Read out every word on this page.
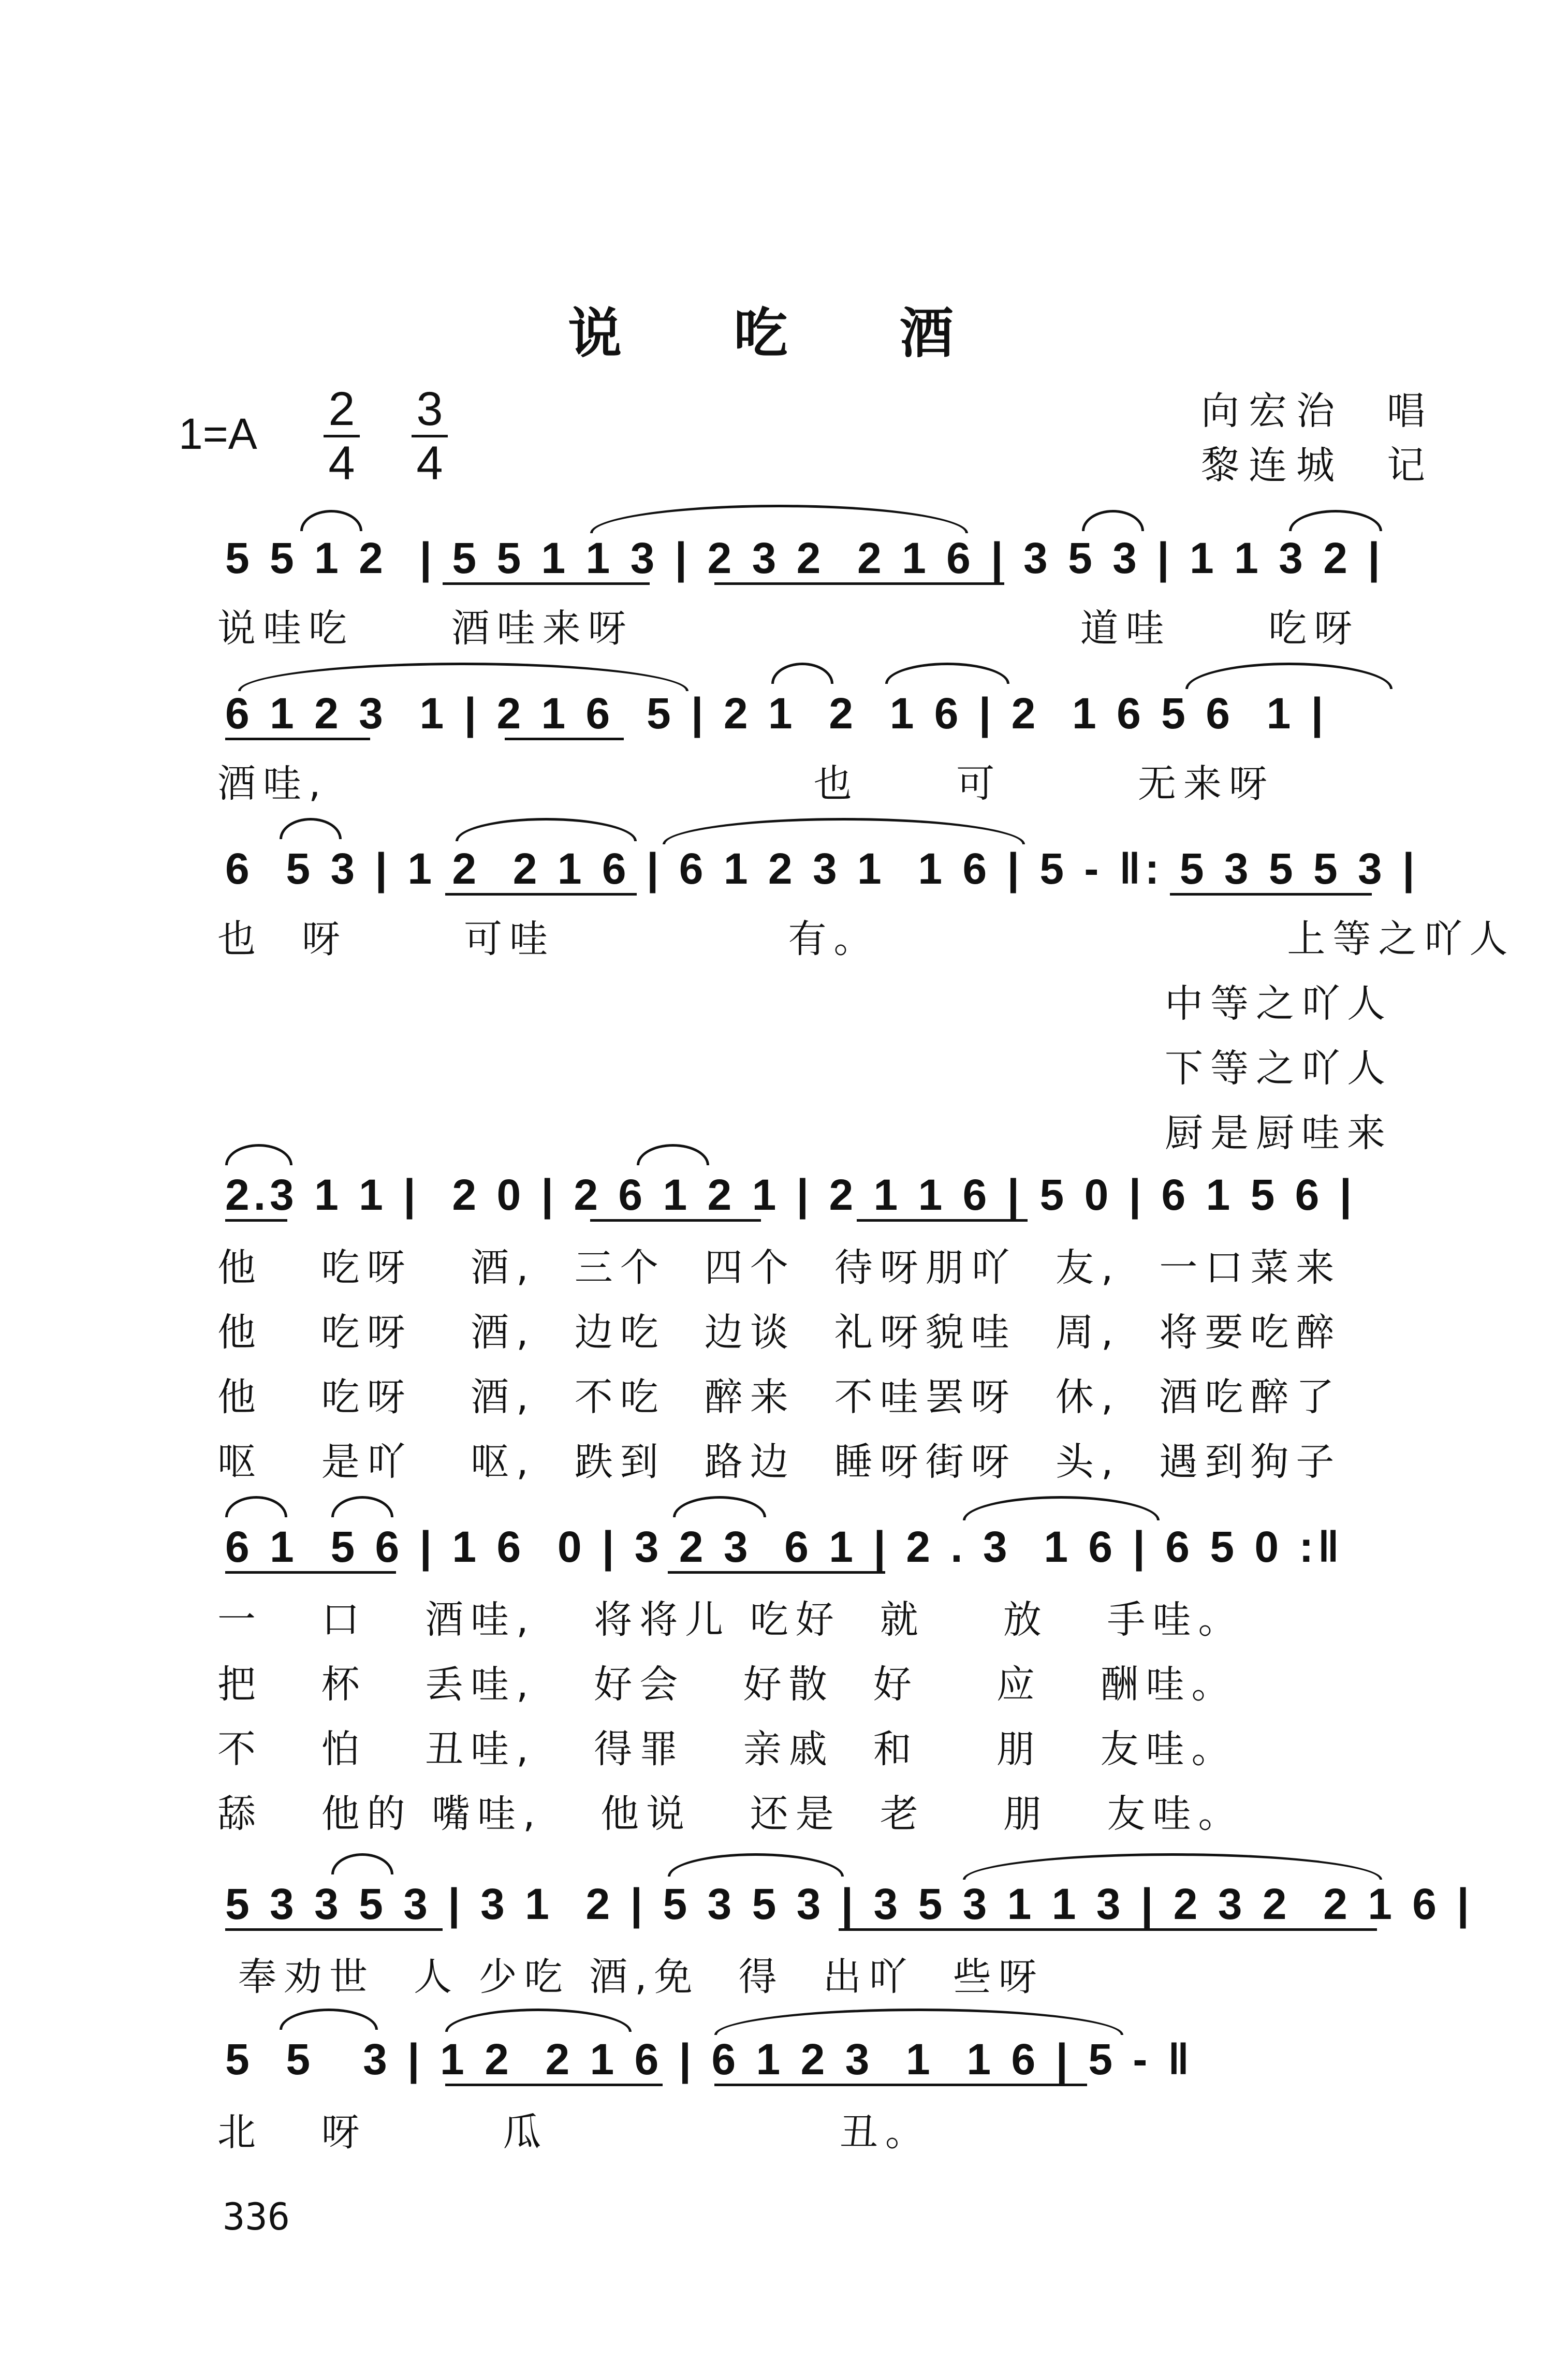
说 吃 酒
1=A	2
4
3
4
向宏治  唱
黎连城  记
5 5 1 2  | 5 5 1 1 3 | 2 3 2  2 1 6 | 3 5 3 | 1 1 3 2 |
说哇吃     酒哇来呀                       道哇     吃呀
6 1 2 3  1 | 2 1 6  5 | 2 1  2  1 6 | 2  1 6 5 6  1 |
酒哇,                         也     可       无来呀
6  5 3 | 1 2  2 1 6 | 6 1 2 3 1  1 6 | 5 - ‖: 5 3 5 5 3 |
也  呀      可哇            有。                     上等之吖人
中等之吖人
下等之吖人
厨是厨哇来
2.3 1 1 |  2 0 | 2 6 1 2 1 | 2 1 1 6 | 5 0 | 6 1 5 6 |
他   吃呀   酒,  三个  四个  待呀朋吖  友,  一口菜来
他   吃呀   酒,  边吃  边谈  礼呀貌哇  周,  将要吃醉
他   吃呀   酒,  不吃  醉来  不哇罢呀  休,  酒吃醉了
呕   是吖   呕,  跌到  路边  睡呀街呀  头,  遇到狗子
6 1  5 6 | 1 6  0 | 3 2 3  6 1 | 2 . 3  1 6 | 6 5 0 :‖
一   口   酒哇,   将将儿 吃好  就    放   手哇。
把   杯   丢哇,   好会   好散  好    应   酬哇。
不   怕   丑哇,   得罪   亲戚  和    朋   友哇。
舔   他的 嘴哇,   他说   还是  老    朋   友哇。
5 3 3 5 3 | 3 1  2 | 5 3 5 3 | 3 5 3 1 1 3 | 2 3 2  2 1 6 |
奉劝世  人 少吃 酒,免  得  出吖  些呀
5  5   3 | 1 2  2 1 6 | 6 1 2 3  1  1 6 | 5 - ‖
北   呀       瓜               丑。
336
